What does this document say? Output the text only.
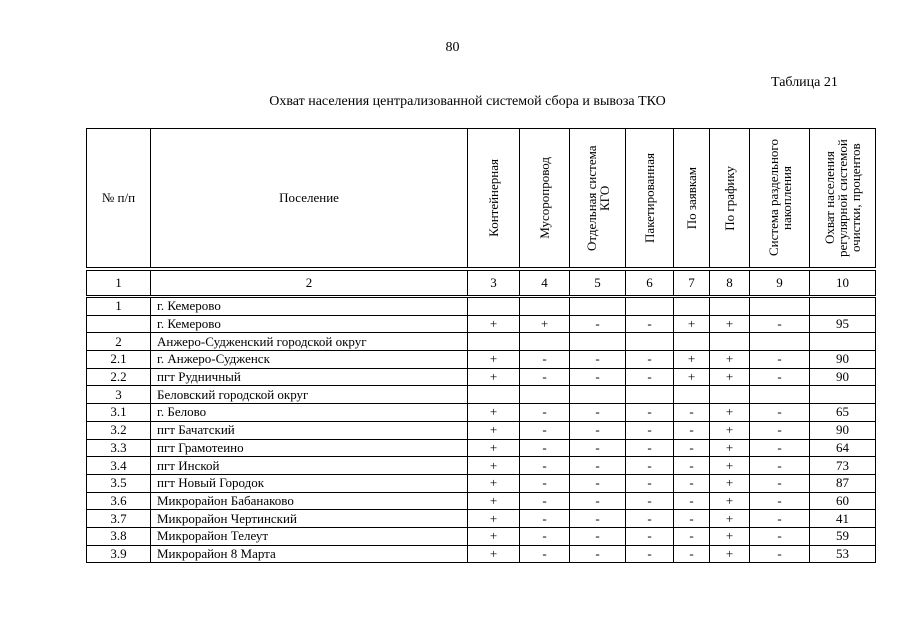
80
Таблица 21
Охват населения централизованной системой сбора и вывоза ТКО
№ п/п	Поселение	Контейнерная	Мусоропровод	Отдельная система КГО	Пакетированная	По заявкам	По графику	Система раздельного накопления	Охват населения регулярной системой очистки, процентов
1	2	3	4	5	6	7	8	9	10
1	г. Кемерово								
	г. Кемерово	+	+	-	-	+	+	-	95
2	Анжеро-Судженский городской округ								
2.1	г. Анжеро-Судженск	+	-	-	-	+	+	-	90
2.2	пгт Рудничный	+	-	-	-	+	+	-	90
3	Беловский городской округ								
3.1	г. Белово	+	-	-	-	-	+	-	65
3.2	пгт Бачатский	+	-	-	-	-	+	-	90
3.3	пгт Грамотеино	+	-	-	-	-	+	-	64
3.4	пгт Инской	+	-	-	-	-	+	-	73
3.5	пгт Новый Городок	+	-	-	-	-	+	-	87
3.6	Микрорайон Бабанаково	+	-	-	-	-	+	-	60
3.7	Микрорайон Чертинский	+	-	-	-	-	+	-	41
3.8	Микрорайон Телеут	+	-	-	-	-	+	-	59
3.9	Микрорайон 8 Марта	+	-	-	-	-	+	-	53
